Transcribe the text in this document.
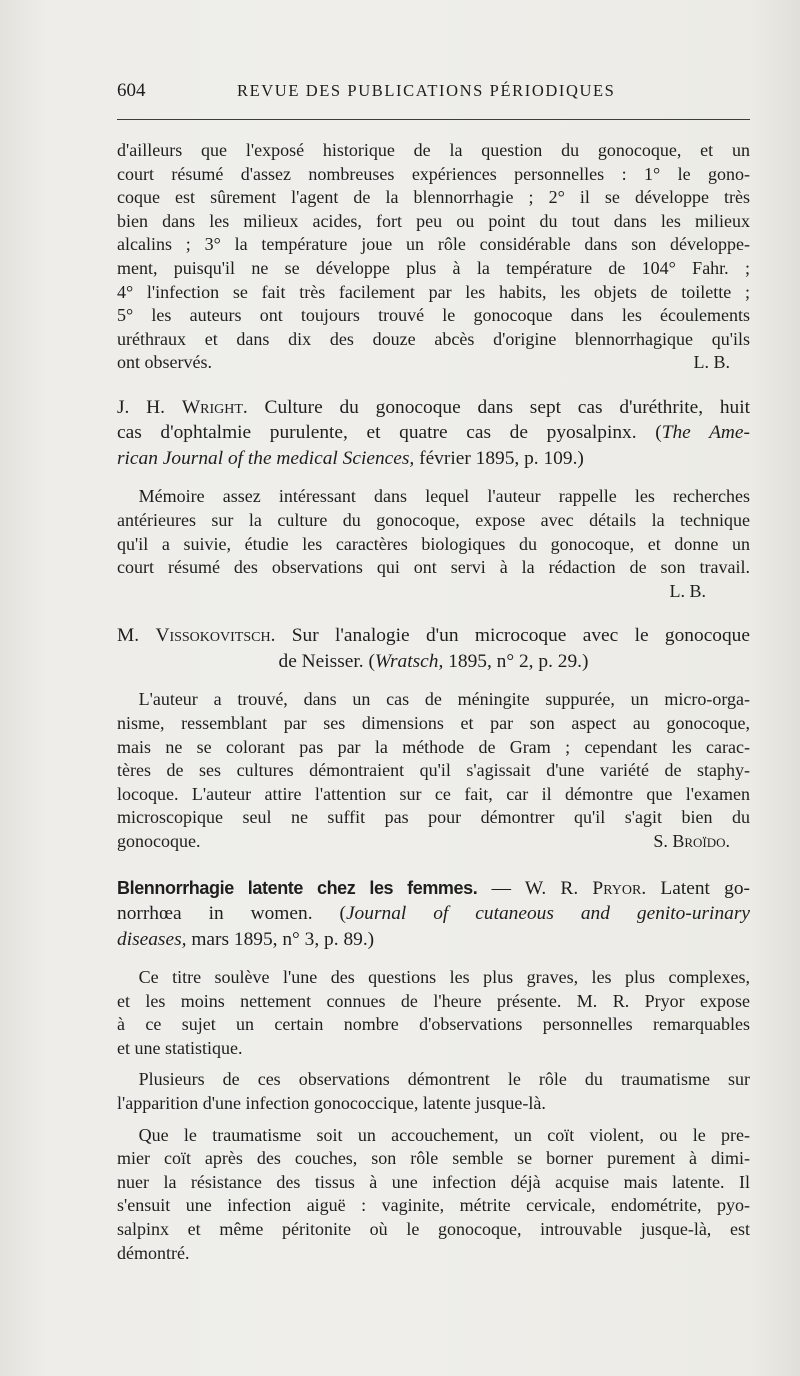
604	REVUE DES PUBLICATIONS PÉRIODIQUES

d'ailleurs que l'exposé historique de la question du gonocoque, et un

court résumé d'assez nombreuses expériences personnelles : 1° le gono-

coque est sûrement l'agent de la blennorrhagie ; 2° il se développe très

bien dans les milieux acides, fort peu ou point du tout dans les milieux

alcalins ; 3° la température joue un rôle considérable dans son développe-

ment, puisqu'il ne se développe plus à la température de 104° Fahr. ;

4° l'infection se fait très facilement par les habits, les objets de toilette ;

5° les auteurs ont toujours trouvé le gonocoque dans les écoulements

uréthraux et dans dix des douze abcès d'origine blennorrhagique qu'ils

ont observés.	L. B.

J. H. Wright. Culture du gonocoque dans sept cas d'uréthrite, huit
cas d'ophtalmie purulente, et quatre cas de pyosalpinx. (The Ame-
rican Journal of the medical Sciences, février 1895, p. 109.)

Mémoire assez intéressant dans lequel l'auteur rappelle les recherches

antérieures sur la culture du gonocoque, expose avec détails la technique

qu'il a suivie, étudie les caractères biologiques du gonocoque, et donne un

court résumé des observations qui ont servi à la rédaction de son travail.

L. B.

M. Vissokovitsch. Sur l'analogie d'un microcoque avec le gonocoque
de Neisser. (Wratsch, 1895, n° 2, p. 29.)

L'auteur a trouvé, dans un cas de méningite suppurée, un micro-orga-

nisme, ressemblant par ses dimensions et par son aspect au gonocoque,

mais ne se colorant pas par la méthode de Gram ; cependant les carac-

tères de ses cultures démontraient qu'il s'agissait d'une variété de staphy-

locoque. L'auteur attire l'attention sur ce fait, car il démontre que l'examen

microscopique seul ne suffit pas pour démontrer qu'il s'agit bien du

gonocoque.	S. Broïdo.

Blennorrhagie latente chez les femmes. — W. R. Pryor. Latent go-
norrhœa in women. (Journal of cutaneous and genito-urinary
diseases, mars 1895, n° 3, p. 89.)

Ce titre soulève l'une des questions les plus graves, les plus complexes,

et les moins nettement connues de l'heure présente. M. R. Pryor expose

à ce sujet un certain nombre d'observations personnelles remarquables

et une statistique.

Plusieurs de ces observations démontrent le rôle du traumatisme sur

l'apparition d'une infection gonococcique, latente jusque-là.

Que le traumatisme soit un accouchement, un coït violent, ou le pre-

mier coït après des couches, son rôle semble se borner purement à dimi-

nuer la résistance des tissus à une infection déjà acquise mais latente. Il

s'ensuit une infection aiguë : vaginite, métrite cervicale, endométrite, pyo-

salpinx et même péritonite où le gonocoque, introuvable jusque-là, est

démontré.
